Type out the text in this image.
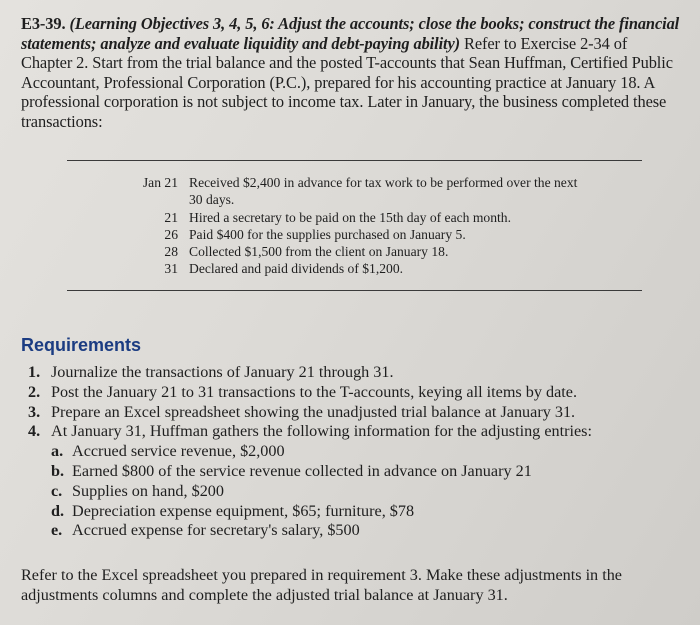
E3-39. (Learning Objectives 3, 4, 5, 6: Adjust the accounts; close the books; construct the financial statements; analyze and evaluate liquidity and debt-paying ability) Refer to Exercise 2-34 of Chapter 2. Start from the trial balance and the posted T-accounts that Sean Huffman, Certified Public Accountant, Professional Corporation (P.C.), prepared for his accounting practice at January 18. A professional corporation is not subject to income tax. Later in January, the business completed these transactions:
Jan 21 Received $2,400 in advance for tax work to be performed over the next 30 days.
21 Hired a secretary to be paid on the 15th day of each month.
26 Paid $400 for the supplies purchased on January 5.
28 Collected $1,500 from the client on January 18.
31 Declared and paid dividends of $1,200.
Requirements
1. Journalize the transactions of January 21 through 31.
2. Post the January 21 to 31 transactions to the T-accounts, keying all items by date.
3. Prepare an Excel spreadsheet showing the unadjusted trial balance at January 31.
4. At January 31, Huffman gathers the following information for the adjusting entries:
a. Accrued service revenue, $2,000
b. Earned $800 of the service revenue collected in advance on January 21
c. Supplies on hand, $200
d. Depreciation expense equipment, $65; furniture, $78
e. Accrued expense for secretary's salary, $500
Refer to the Excel spreadsheet you prepared in requirement 3. Make these adjustments in the adjustments columns and complete the adjusted trial balance at January 31.
